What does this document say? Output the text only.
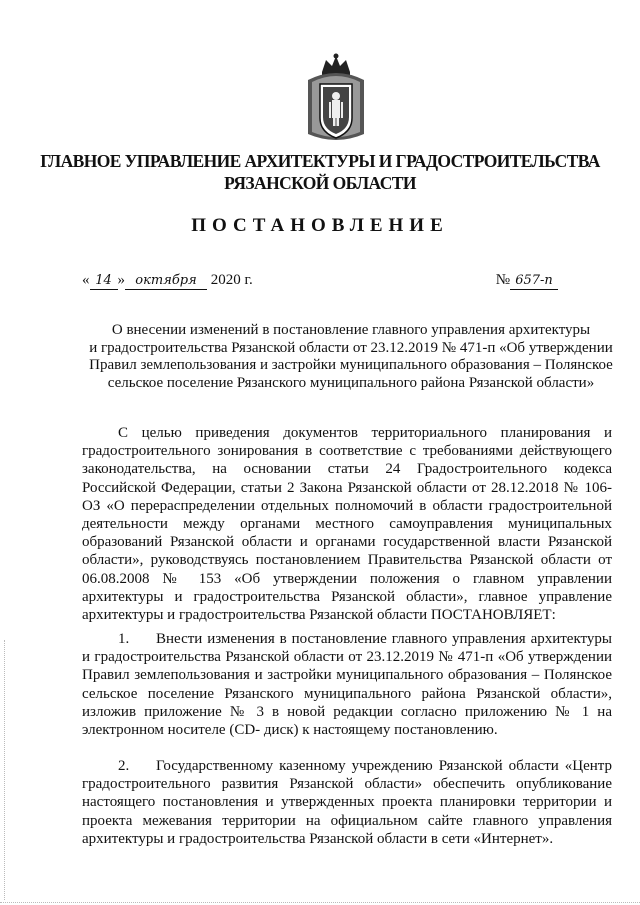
ГЛАВНОЕ УПРАВЛЕНИЕ АРХИТЕКТУРЫ И ГРАДОСТРОИТЕЛЬСТВА
РЯЗАНСКОЙ ОБЛАСТИ
ПОСТАНОВЛЕНИЕ
« 14 » октября 2020 г.	№ 657-п
О внесении изменений в постановление главного управления архитектуры
и градостроительства Рязанской области от 23.12.2019 № 471-п «Об утверждении
Правил землепользования и застройки муниципального образования – Полянское
сельское поселение Рязанского муниципального района Рязанской области»
С целью приведения документов территориального планирования и градостроительного зонирования в соответствие с требованиями действующего законодательства, на основании статьи 24 Градостроительного кодекса Российской Федерации, статьи 2 Закона Рязанской области от 28.12.2018 № 106-ОЗ «О перераспределении отдельных полномочий в области градостроительной деятельности между органами местного самоуправления муниципальных образований Рязанской области и органами государственной власти Рязанской области», руководствуясь постановлением Правительства Рязанской области от 06.08.2008 № 153 «Об утверждении положения о главном управлении архитектуры и градостроительства Рязанской области», главное управление архитектуры и градостроительства Рязанской области ПОСТАНОВЛЯЕТ:
1. Внести изменения в постановление главного управления архитектуры и градостроительства Рязанской области от 23.12.2019 № 471-п «Об утверждении Правил землепользования и застройки муниципального образования – Полянское сельское поселение Рязанского муниципального района Рязанской области», изложив приложение № 3 в новой редакции согласно приложению № 1 на электронном носителе (CD- диск) к настоящему постановлению.
2. Государственному казенному учреждению Рязанской области «Центр градостроительного развития Рязанской области» обеспечить опубликование настоящего постановления и утвержденных проекта планировки территории и проекта межевания территории на официальном сайте главного управления архитектуры и градостроительства Рязанской области в сети «Интернет».
